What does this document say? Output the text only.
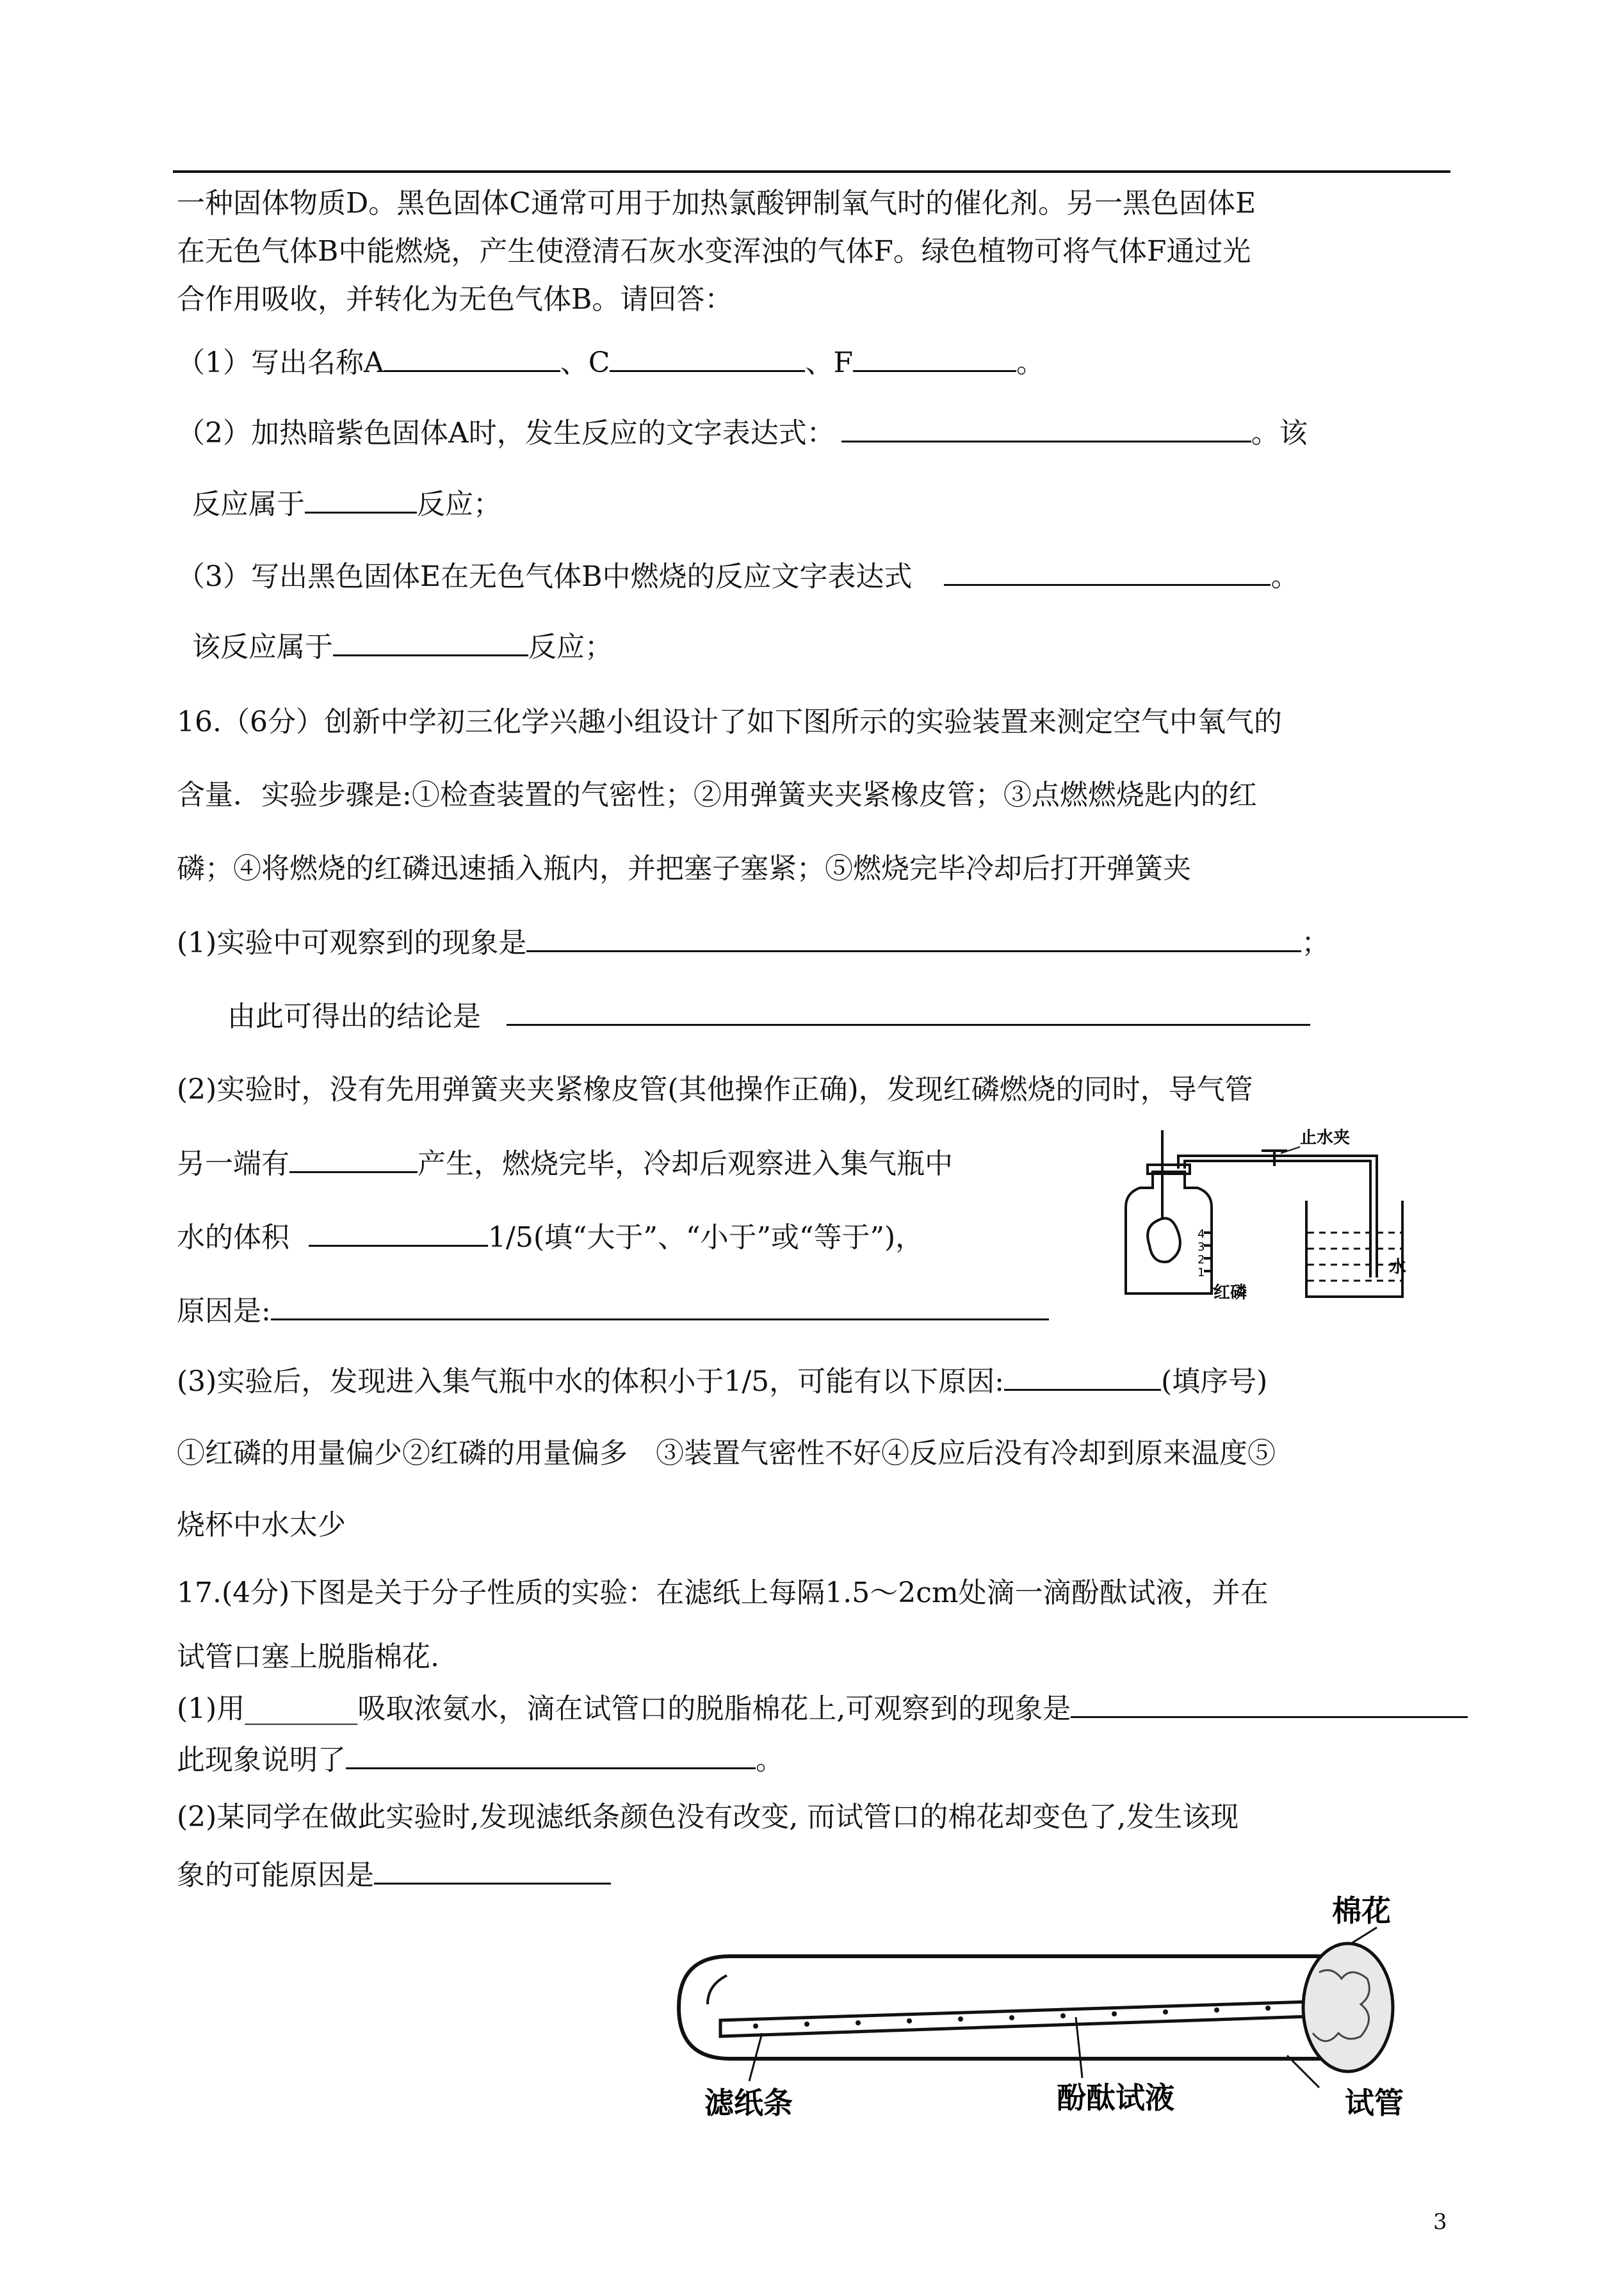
一种固体物质D。黑色固体C通常可用于加热氯酸钾制氧气时的催化剂。另一黑色固体E
在无色气体B中能燃烧，产生使澄清石灰水变浑浊的气体F。绿色植物可将气体F通过光
合作用吸收，并转化为无色气体B。请回答：
（1）写出名称A	、C	、F	。
（2）加热暗紫色固体A时，发生反应的文字表达式：	。该
反应属于	反应；
（3）写出黑色固体E在无色气体B中燃烧的反应文字表达式	。
该反应属于	反应；
16.（6分）创新中学初三化学兴趣小组设计了如下图所示的实验装置来测定空气中氧气的
含量．实验步骤是:①检查装置的气密性；②用弹簧夹夹紧橡皮管；③点燃燃烧匙内的红
磷；④将燃烧的红磷迅速插入瓶内，并把塞子塞紧；⑤燃烧完毕冷却后打开弹簧夹
(1)实验中可观察到的现象是	；
由此可得出的结论是
(2)实验时，没有先用弹簧夹夹紧橡皮管(其他操作正确)，发现红磷燃烧的同时，导气管
另一端有	产生，燃烧完毕，冷却后观察进入集气瓶中
水的体积	1/5(填“大于”、“小于”或“等于”)，
原因是:
止水夹
红磷
水
4
3
2
1
(3)实验后，发现进入集气瓶中水的体积小于1/5，可能有以下原因:	(填序号)
①红磷的用量偏少②红磷的用量偏多　③装置气密性不好④反应后没有冷却到原来温度⑤
烧杯中水太少
17.(4分)下图是关于分子性质的实验：在滤纸上每隔1.5～2cm处滴一滴酚酞试液，并在
试管口塞上脱脂棉花.
(1)用________吸取浓氨水，滴在试管口的脱脂棉花上,可观察到的现象是
此现象说明了	。
(2)某同学在做此实验时,发现滤纸条颜色没有改变, 而试管口的棉花却变色了,发生该现
象的可能原因是
棉花
滤纸条	酚酞试液	试管
3
